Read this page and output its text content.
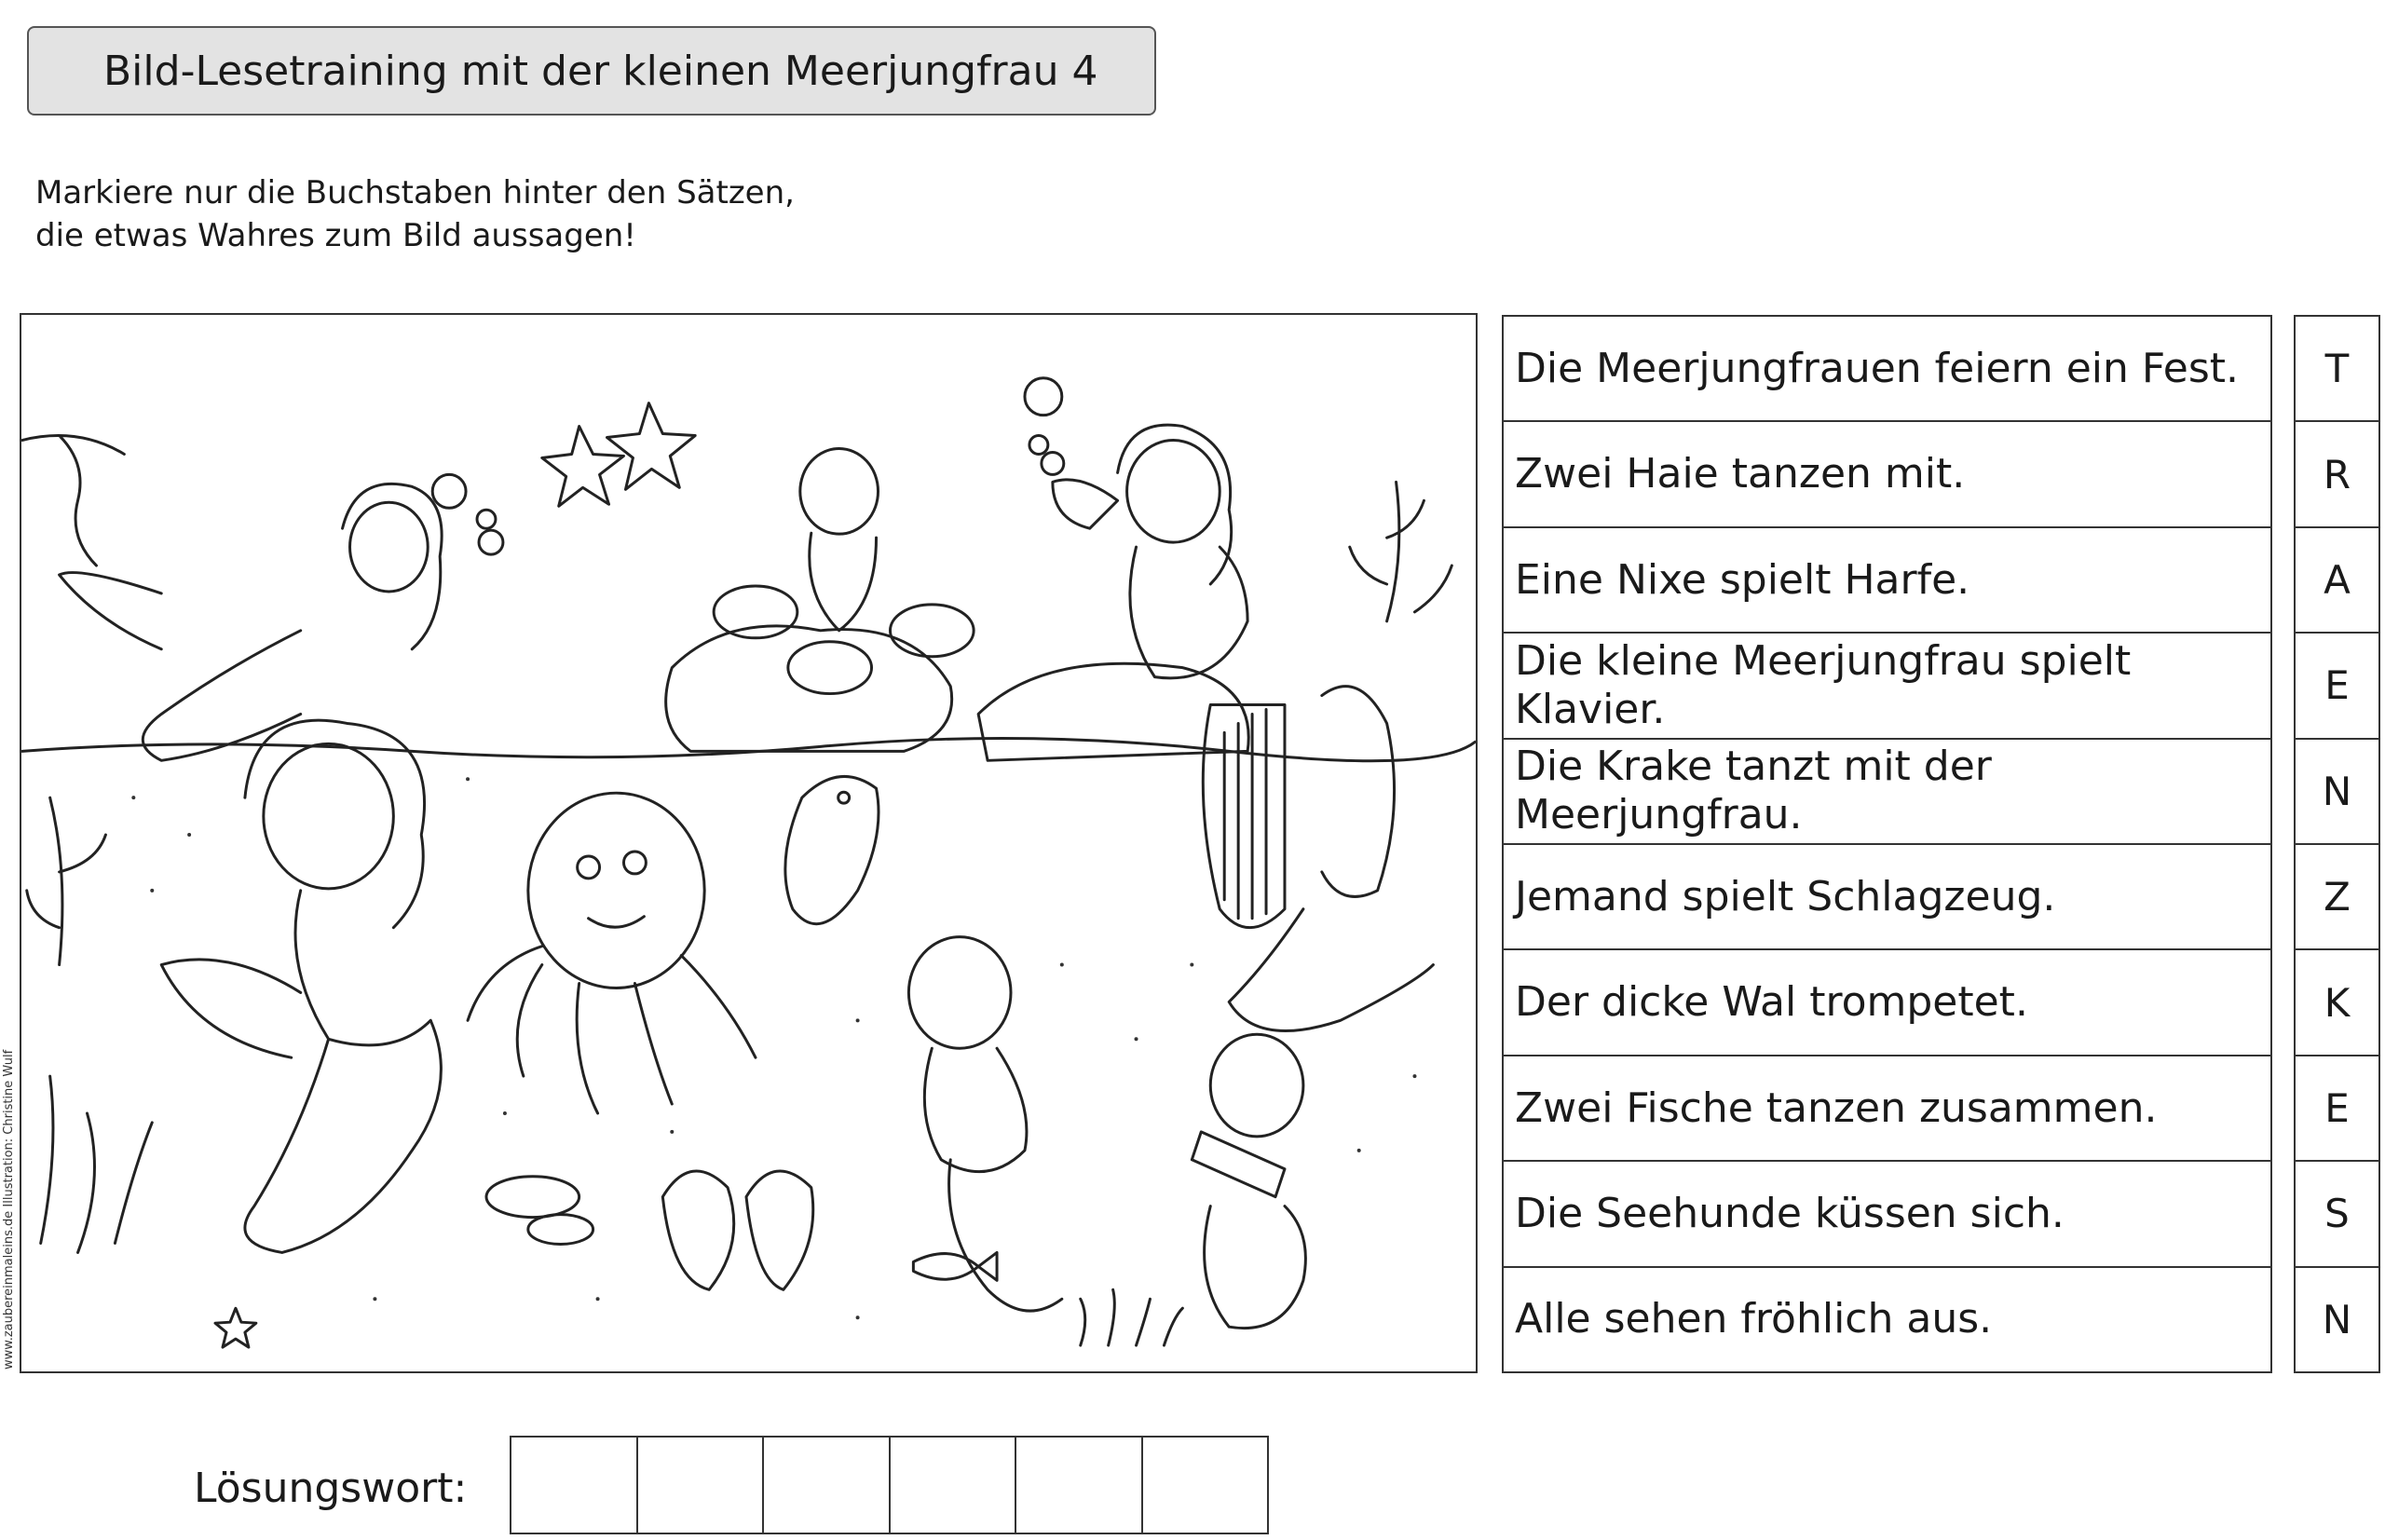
Bild-Lesetraining mit der kleinen Meerjungfrau 4
Markiere nur die Buchstaben hinter den Sätzen,
die etwas Wahres zum Bild aussagen!
www.zaubereinmaleins.de Illustration: Christine Wulf
Die Meerjungfrauen feiern ein Fest.
Zwei Haie tanzen mit.
Eine Nixe spielt Harfe.
Die kleine Meerjungfrau spielt Klavier.
Die Krake tanzt mit der Meerjungfrau.
Jemand spielt Schlagzeug.
Der dicke Wal trompetet.
Zwei Fische tanzen zusammen.
Die Seehunde küssen sich.
Alle sehen fröhlich aus.
T
R
A
E
N
Z
K
E
S
N
Lösungswort:
